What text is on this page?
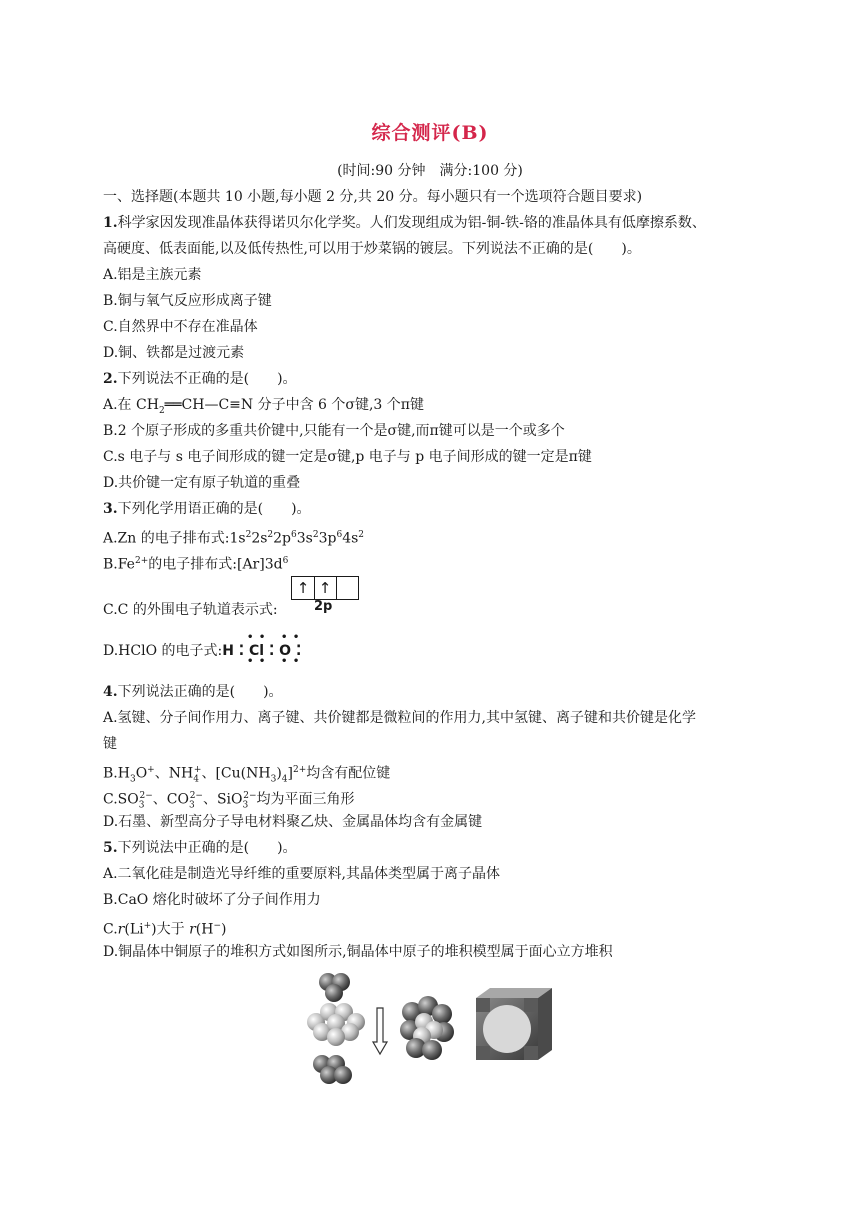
综合测评(B)
(时间:90 分钟　满分:100 分)
一、选择题(本题共 10 小题,每小题 2 分,共 20 分。每小题只有一个选项符合题目要求)
1.科学家因发现准晶体获得诺贝尔化学奖。人们发现组成为铝-铜-铁-铬的准晶体具有低摩擦系数、
高硬度、低表面能,以及低传热性,可以用于炒菜锅的镀层。下列说法不正确的是(　　)。
A.铝是主族元素
B.铜与氧气反应形成离子键
C.自然界中不存在准晶体
D.铜、铁都是过渡元素
2.下列说法不正确的是(　　)。
A.在 $CH_2══CH—C\equiv N$ 分子中含 6 个σ键,3 个π键
B.2 个原子形成的多重共价键中,只能有一个是σ键,而π键可以是一个或多个
C.s 电子与 s 电子间形成的键一定是σ键,p 电子与 p 电子间形成的键一定是π键
D.共价键一定有原子轨道的重叠
3.下列化学用语正确的是(　　)。
A.Zn 的电子排布式$:1s^22s^22p^63s^23p^64s^2$
$B.Fe^{2+}$的电子排布式$:[Ar]3d^6$
C.C 的外围电子轨道表示式:
↑ ↑
2p
D.HClO 的电子式:H ⁚ Cl ⁚ O ⁚
• •
• •
• •
• •
4.下列说法正确的是(　　)。
A.氢键、分子间作用力、离子键、共价键都是微粒间的作用力,其中氢键、离子键和共价键是化学
键
$B.H_3O^+$、$NH_4^+$、$[Cu(NH_3)_4]^{2+}$均含有配位键
$C.SO_3^{2-}$、$CO_3^{2-}$、SiO$_3^{2-}$均为平面三角形
D.石墨、新型高分子导电材料聚乙炔、金属晶体均含有金属键
5.下列说法中正确的是(　　)。
A.二氧化硅是制造光导纤维的重要原料,其晶体类型属于离子晶体
B.CaO 熔化时破坏了分子间作用力
C.r(Li+)大于 r(H−)
D.铜晶体中铜原子的堆积方式如图所示,铜晶体中原子的堆积模型属于面心立方堆积
